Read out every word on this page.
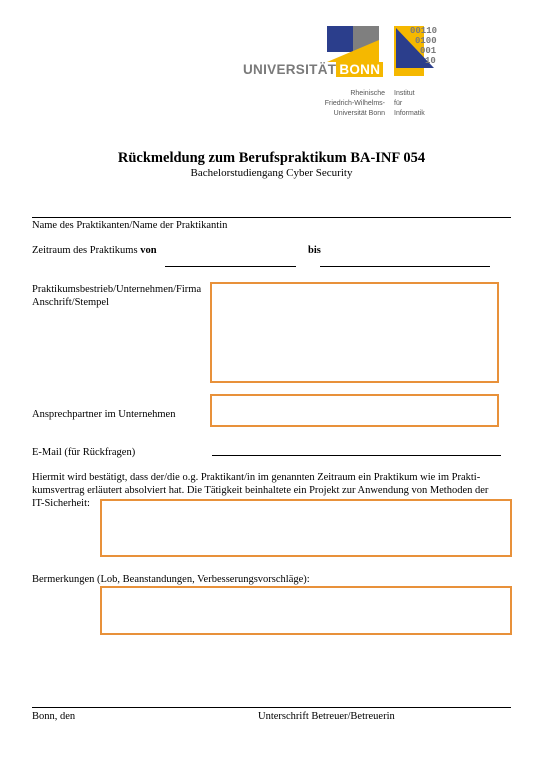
UNIVERSITÄT BONN
00110
0100
001
10
Rheinische
Friedrich-Wilhelms-
Universität Bonn
Institut
für
Informatik
Rückmeldung zum Berufspraktikum BA-INF 054
Bachelorstudiengang Cyber Security
Name des Praktikanten/Name der Praktikantin
Zeitraum des Praktikums von	bis
Praktikumsbestrieb/Unternehmen/Firma
Anschrift/Stempel
Ansprechpartner im Unternehmen
E-Mail (für Rückfragen)
Hiermit wird bestätigt, dass der/die o.g. Praktikant/in im genannten Zeitraum ein Praktikum wie im Prakti-
kumsvertrag erläutert absolviert hat. Die Tätigkeit beinhaltete ein Projekt zur Anwendung von Methoden der
IT-Sicherheit:
Bermerkungen (Lob, Beanstandungen, Verbesserungsvorschläge):
Bonn, den	Unterschrift Betreuer/Betreuerin
